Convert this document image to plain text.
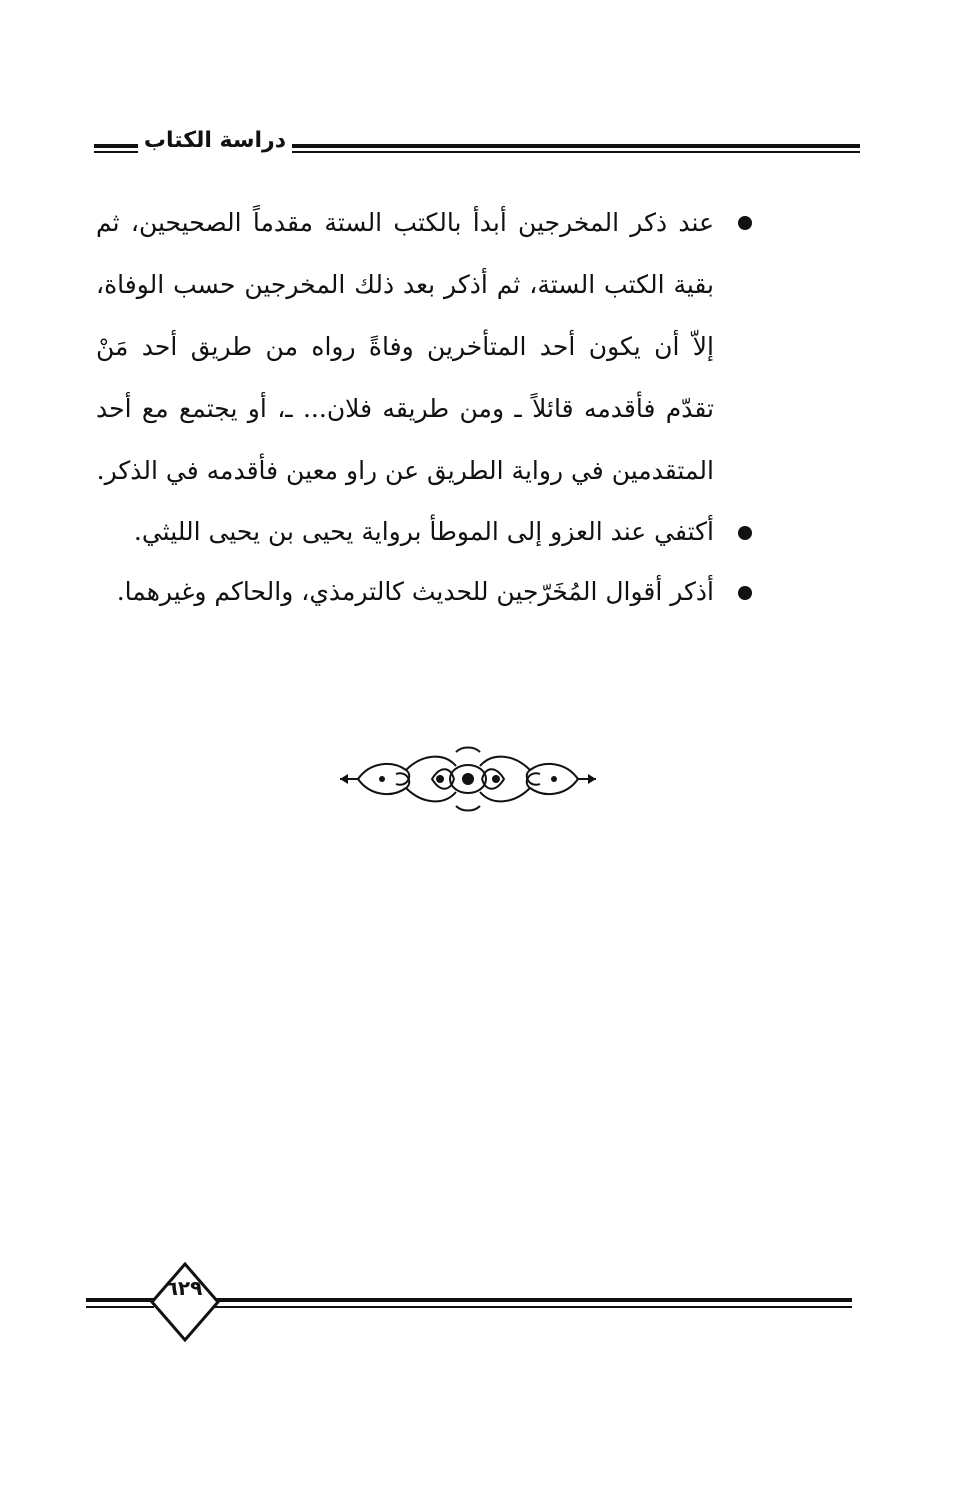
دراسة الكتاب
عند ذكر المخرجين أبدأ بالكتب الستة مقدماً الصحيحين، ثم بقية الكتب الستة، ثم أذكر بعد ذلك المخرجين حسب الوفاة، إلاّ أن يكون أحد المتأخرين وفاةً رواه من طريق أحد مَنْ تقدّم فأقدمه قائلاً ـ ومن طريقه فلان... ـ، أو يجتمع مع أحد المتقدمين في رواية الطريق عن راو معين فأقدمه في الذكر.
أكتفي عند العزو إلى الموطأ برواية يحيى بن يحيى الليثي.
أذكر أقوال المُخَرّجين للحديث كالترمذي، والحاكم وغيرهما.
٦٢٩
